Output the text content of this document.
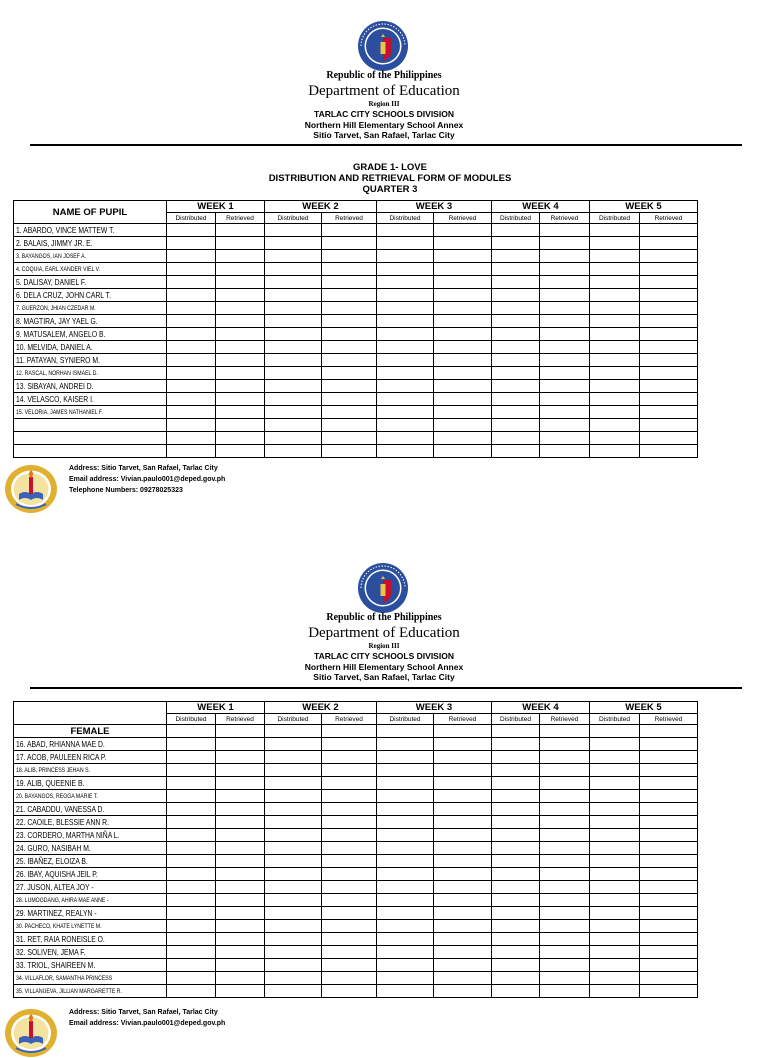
Republic of the Philippines
Department of Education
Region III
TARLAC CITY SCHOOLS DIVISION
Northern Hill Elementary School Annex
Sitio Tarvet, San Rafael, Tarlac City
GRADE 1- LOVE
DISTRIBUTION AND RETRIEVAL FORM OF MODULES
QUARTER 3
NAME OF PUPIL	WEEK 1		WEEK 2		WEEK 3		WEEK 4		WEEK 5	
	Distributed	Retrieved	Distributed	Retrieved	Distributed	Retrieved	Distributed	Retrieved	Distributed	Retrieved
1. ABARDO, VINCE MATTEW T.										
2. BALAIS, JIMMY JR. E.										
3. BAYANGOS, IAN JOSEF A.										
4. COQUIA, EARL XANDER VIEL V.										
5. DALISAY, DANIEL F.										
6. DELA CRUZ, JOHN CARL T.										
7. GUERZON, JHIAN CZEDAR M.										
8. MAGTIRA, JAY YAEL G.										
9. MATUSALEM, ANGELO B.										
10. MELVIDA, DANIEL A.										
11. PATAYAN, SYNIERO M.										
12. RASCAL, NORHAN ISMAEL D.										
13. SIBAYAN, ANDREI D.										
14. VELASCO, KAISER I.										
15. VELORIA, JAMES NATHANIEL F.										

Address: Sitio Tarvet, San Rafael, Tarlac City
Email address: Vivian.paulo001@deped.gov.ph
Telephone Numbers: 09278025323
Republic of the Philippines
Department of Education
Region III
TARLAC CITY SCHOOLS DIVISION
Northern Hill Elementary School Annex
Sitio Tarvet, San Rafael, Tarlac City
	WEEK 1		WEEK 2		WEEK 3		WEEK 4		WEEK 5	
	Distributed	Retrieved	Distributed	Retrieved	Distributed	Retrieved	Distributed	Retrieved	Distributed	Retrieved
FEMALE										
16. ABAD, RHIANNA MAE D.										
17. ACOB, PAULEEN RICA P.										
18. ALIB, PRINCESS JEHAN S.										
19. ALIB, QUEENIE B.										
20. BAYANGOS, REGGA MARIE T.										
21. CABADDU, VANESSA D.										
22. CAOILE, BLESSIE ANN R.										
23. CORDERO, MARTHA NIÑA L.										
24. GURO, NASIBAH M.										
25. IBAÑEZ, ELOIZA B.										
26. IBAY, AQUISHA JEIL P.										
27. JUSON, ALTEA JOY -										
28. LUMOGDANG, AHIRA MAE ANNE -										
29. MARTINEZ, REALYN -										
30. PACHECO, KHATE LYNETTE M.										
31. RET, RAIA RONEISLE O.										
32. SOLIVEN, JEMA F.										
33. TRIOL, SHAIREEN M.										
34. VILLAFLOR, SAMANTHA PRINCESS										
35. VILLANUEVA, JILLIAN MARGARETTE R.										
Address: Sitio Tarvet, San Rafael, Tarlac City
Email address: Vivian.paulo001@deped.gov.ph
